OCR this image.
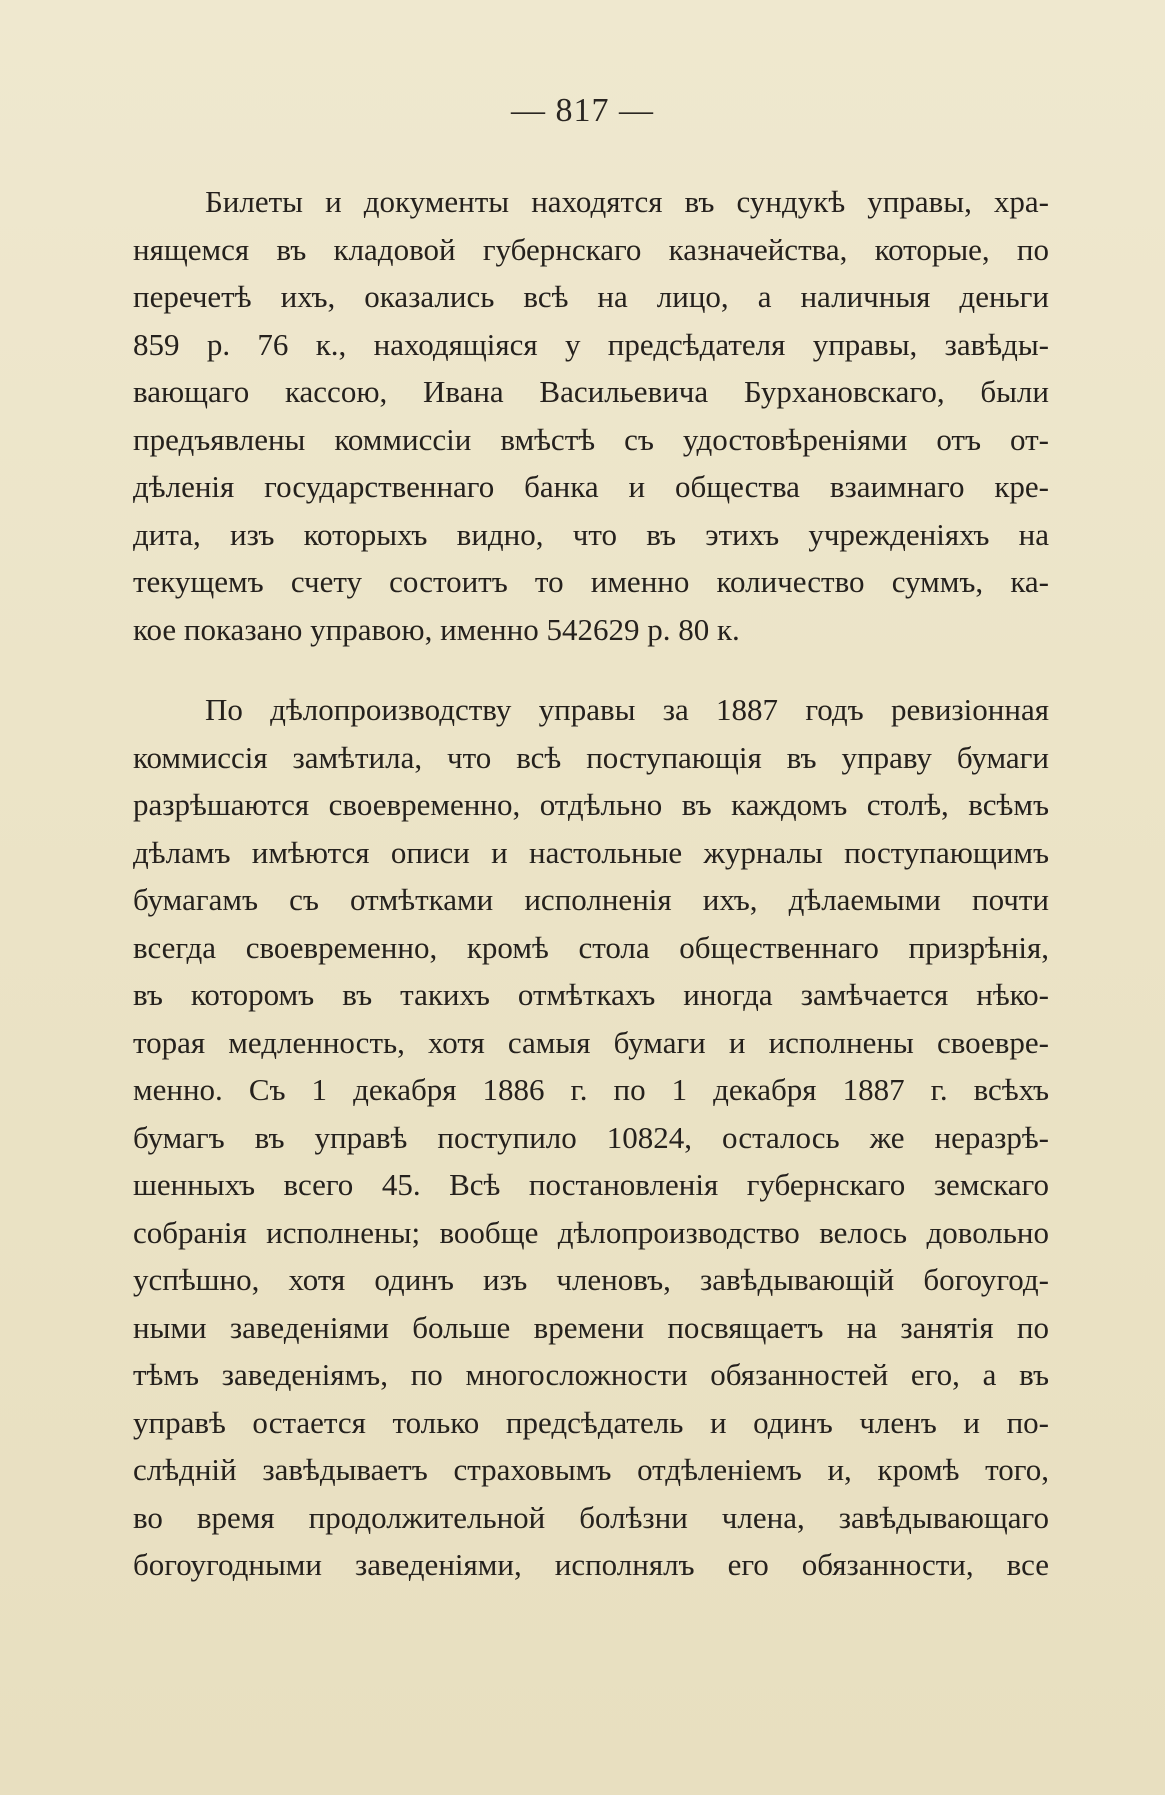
— 817 —
Билеты и документы находятся въ сундукѣ управы, хра-
нящемся въ кладовой губернскаго казначейства, которые, по
перечетѣ ихъ, оказались всѣ на лицо, а наличныя деньги
859 р. 76 к., находящіяся у предсѣдателя управы, завѣды-
вающаго кассою, Ивана Васильевича Бурхановскаго, были
предъявлены коммиссіи вмѣстѣ съ удостовѣреніями отъ от-
дѣленія государственнаго банка и общества взаимнаго кре-
дита, изъ которыхъ видно, что въ этихъ учрежденіяхъ на
текущемъ счету состоитъ то именно количество суммъ, ка-
кое показано управою, именно 542629 р. 80 к.
По дѣлопроизводству управы за 1887 годъ ревизіонная
коммиссія замѣтила, что всѣ поступающія въ управу бумаги
разрѣшаются своевременно, отдѣльно въ каждомъ столѣ, всѣмъ
дѣламъ имѣются описи и настольные журналы поступающимъ
бумагамъ съ отмѣтками исполненія ихъ, дѣлаемыми почти
всегда своевременно, кромѣ стола общественнаго призрѣнія,
въ которомъ въ такихъ отмѣткахъ иногда замѣчается нѣко-
торая медленность, хотя самыя бумаги и исполнены своевре-
менно. Съ 1 декабря 1886 г. по 1 декабря 1887 г. всѣхъ
бумагъ въ управѣ поступило 10824, осталось же неразрѣ-
шенныхъ всего 45. Всѣ постановленія губернскаго земскаго
собранія исполнены; вообще дѣлопроизводство велось довольно
успѣшно, хотя одинъ изъ членовъ, завѣдывающій богоугод-
ными заведеніями больше времени посвящаетъ на занятія по
тѣмъ заведеніямъ, по многосложности обязанностей его, а въ
управѣ остается только предсѣдатель и одинъ членъ и по-
слѣдній завѣдываетъ страховымъ отдѣленіемъ и, кромѣ того,
во время продолжительной болѣзни члена, завѣдывающаго
богоугодными заведеніями, исполнялъ его обязанности, все
